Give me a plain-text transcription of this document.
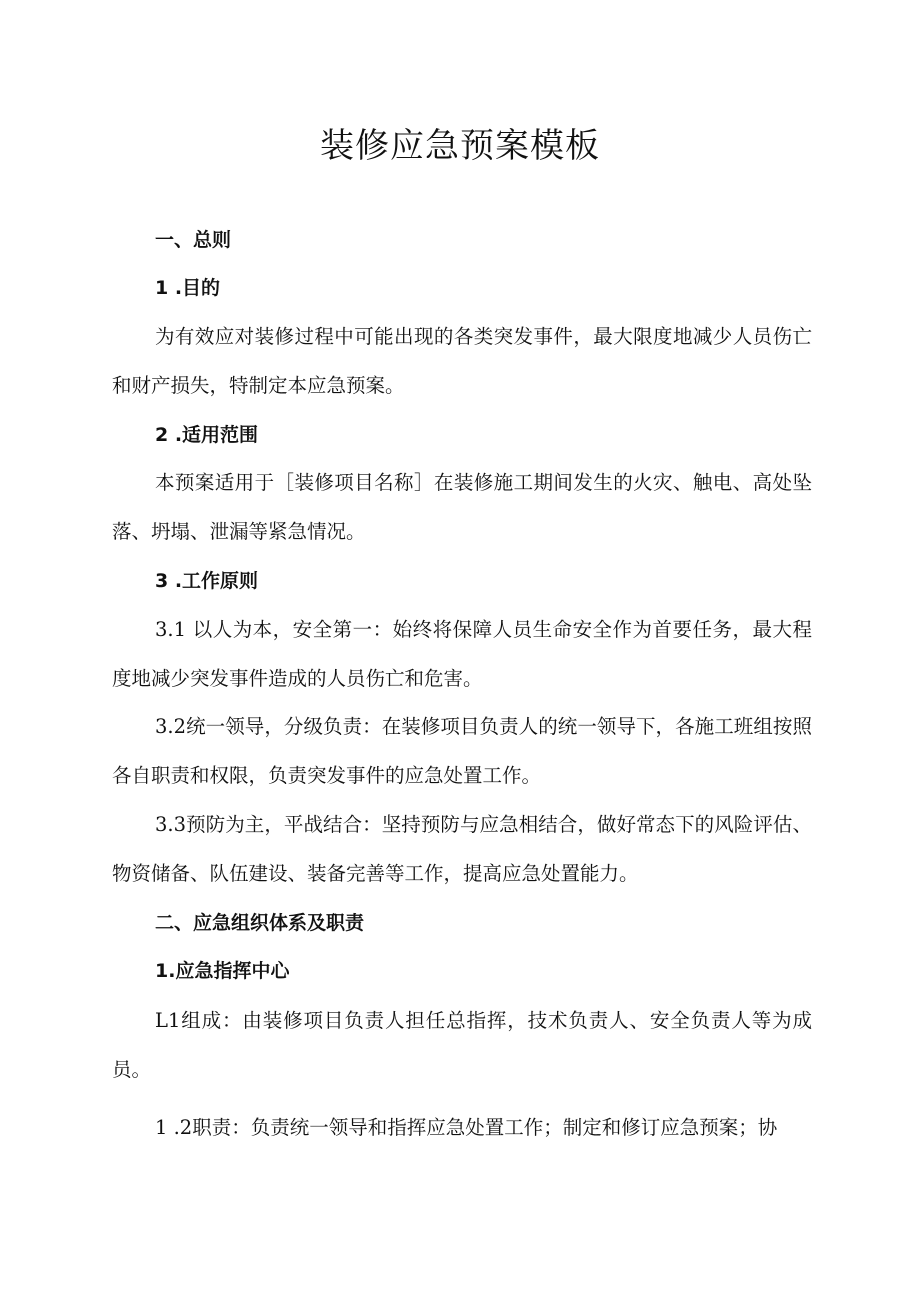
装修应急预案模板
一、总则
1 .目的

为有效应对装修过程中可能出现的各类突发事件，最大限度地减少人员伤亡和财产损失，特制定本应急预案。

2 .适用范围

本预案适用于［装修项目名称］在装修施工期间发生的火灾、触电、高处坠落、坍塌、泄漏等紧急情况。

3 .工作原则

3.1 以人为本，安全第一：始终将保障人员生命安全作为首要任务，最大程度地减少突发事件造成的人员伤亡和危害。

3.2统一领导，分级负责：在装修项目负责人的统一领导下，各施工班组按照各自职责和权限，负责突发事件的应急处置工作。

3.3预防为主，平战结合：坚持预防与应急相结合，做好常态下的风险评估、物资储备、队伍建设、装备完善等工作，提高应急处置能力。

二、应急组织体系及职责
1.应急指挥中心

L1组成：由装修项目负责人担任总指挥，技术负责人、安全负责人等为成员。

1 .2职责：负责统一领导和指挥应急处置工作；制定和修订应急预案；协
